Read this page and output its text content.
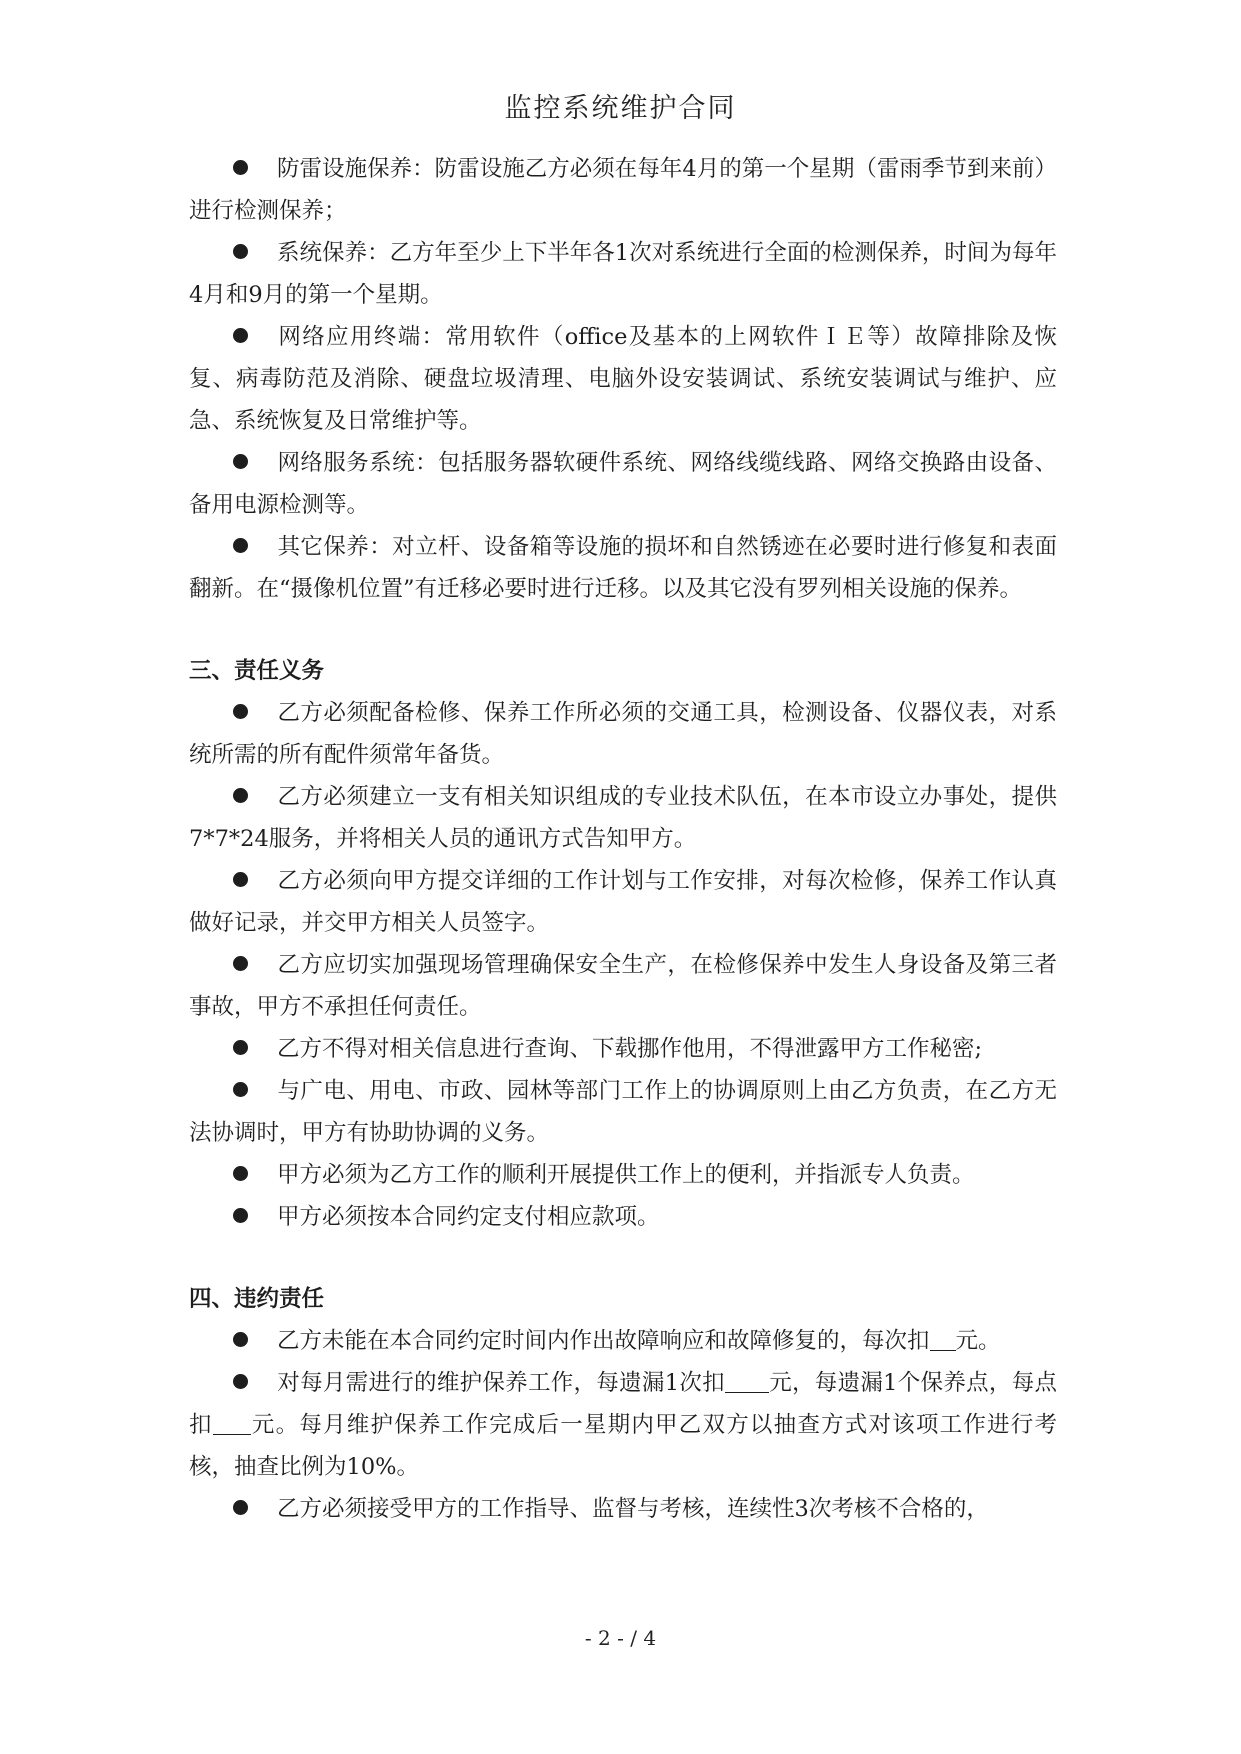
监控系统维护合同

防雷设施保养：防雷设施乙方必须在每年4月的第一个星期（雷雨季节到来前）进行检测保养；

系统保养：乙方年至少上下半年各1次对系统进行全面的检测保养，时间为每年4月和9月的第一个星期。

网络应用终端：常用软件（office及基本的上网软件ＩＥ等）故障排除及恢复、病毒防范及消除、硬盘垃圾清理、电脑外设安装调试、系统安装调试与维护、应急、系统恢复及日常维护等。

网络服务系统：包括服务器软硬件系统、网络线缆线路、网络交换路由设备、备用电源检测等。

其它保养：对立杆、设备箱等设施的损坏和自然锈迹在必要时进行修复和表面翻新。在“摄像机位置”有迁移必要时进行迁移。以及其它没有罗列相关设施的保养。

三、责任义务

乙方必须配备检修、保养工作所必须的交通工具，检测设备、仪器仪表，对系统所需的所有配件须常年备货。

乙方必须建立一支有相关知识组成的专业技术队伍，在本市设立办事处，提供7*7*24服务，并将相关人员的通讯方式告知甲方。

乙方必须向甲方提交详细的工作计划与工作安排，对每次检修，保养工作认真做好记录，并交甲方相关人员签字。

乙方应切实加强现场管理确保安全生产，在检修保养中发生人身设备及第三者事故，甲方不承担任何责任。

乙方不得对相关信息进行查询、下载挪作他用，不得泄露甲方工作秘密;

与广电、用电、市政、园林等部门工作上的协调原则上由乙方负责，在乙方无法协调时，甲方有协助协调的义务。

甲方必须为乙方工作的顺利开展提供工作上的便利，并指派专人负责。

甲方必须按本合同约定支付相应款项。

四、违约责任

乙方未能在本合同约定时间内作出故障响应和故障修复的，每次扣 元。

对每月需进行的维护保养工作，每遗漏1次扣 元，每遗漏1个保养点，每点扣 元。每月维护保养工作完成后一星期内甲乙双方以抽查方式对该项工作进行考核，抽查比例为10%。

乙方必须接受甲方的工作指导、监督与考核，连续性3次考核不合格的，

- 2 - / 4
